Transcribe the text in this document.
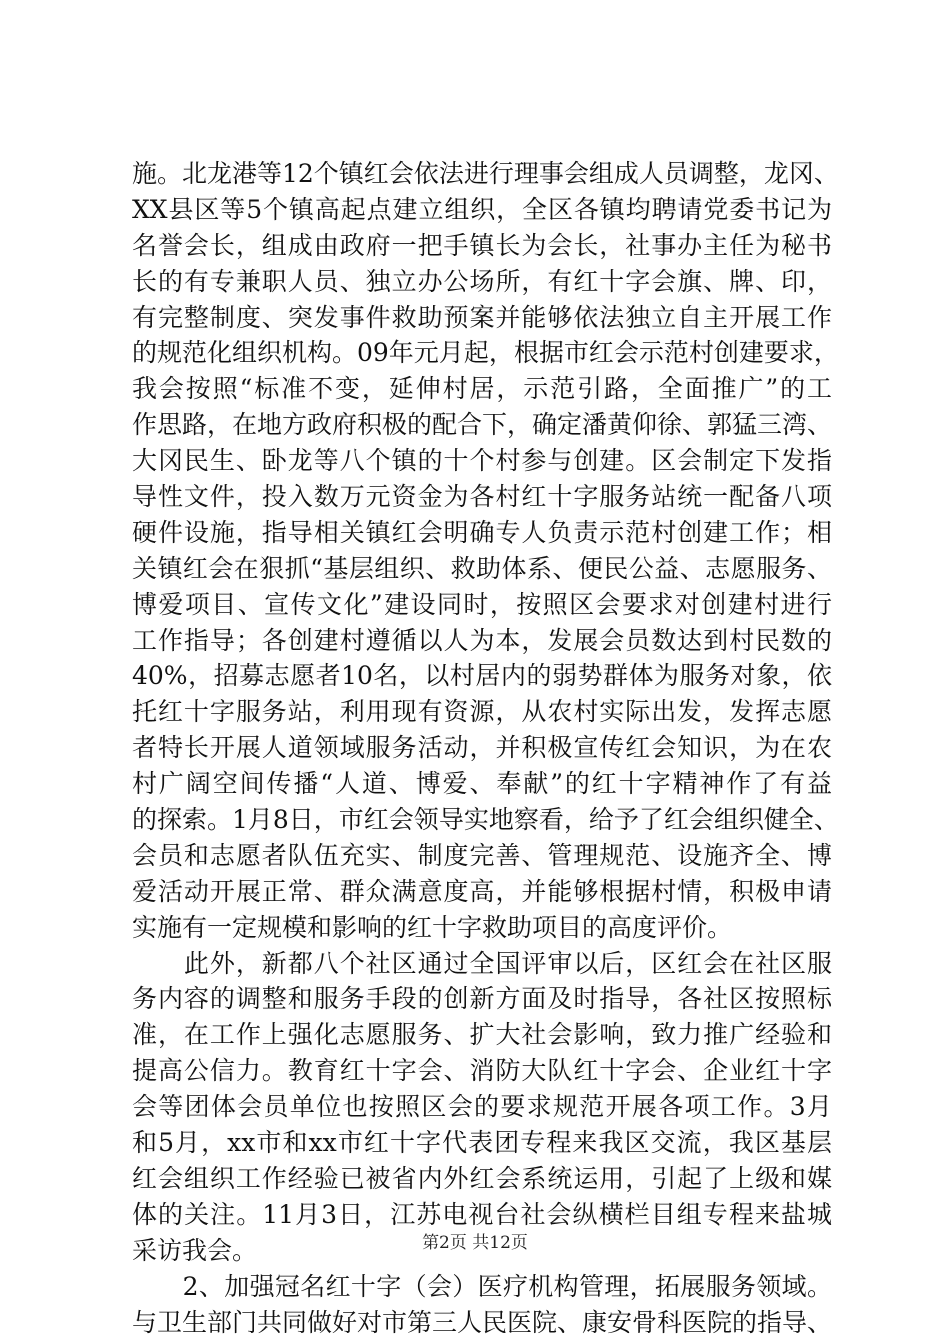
施。北龙港等12个镇红会依法进行理事会组成人员调整，龙冈、
XX县区等5个镇高起点建立组织，全区各镇均聘请党委书记为
名誉会长，组成由政府一把手镇长为会长，社事办主任为秘书
长的有专兼职人员、独立办公场所，有红十字会旗、牌、印，
有完整制度、突发事件救助预案并能够依法独立自主开展工作
的规范化组织机构。09年元月起，根据市红会示范村创建要求，
我会按照“标准不变，延伸村居，示范引路，全面推广”的工
作思路，在地方政府积极的配合下，确定潘黄仰徐、郭猛三湾、
大冈民生、卧龙等八个镇的十个村参与创建。区会制定下发指
导性文件，投入数万元资金为各村红十字服务站统一配备八项
硬件设施，指导相关镇红会明确专人负责示范村创建工作；相
关镇红会在狠抓“基层组织、救助体系、便民公益、志愿服务、
博爱项目、宣传文化”建设同时，按照区会要求对创建村进行
工作指导；各创建村遵循以人为本，发展会员数达到村民数的
40%，招募志愿者10名，以村居内的弱势群体为服务对象，依
托红十字服务站，利用现有资源，从农村实际出发，发挥志愿
者特长开展人道领域服务活动，并积极宣传红会知识，为在农
村广阔空间传播“人道、博爱、奉献”的红十字精神作了有益
的探索。1月8日，市红会领导实地察看，给予了红会组织健全、
会员和志愿者队伍充实、制度完善、管理规范、设施齐全、博
爱活动开展正常、群众满意度高，并能够根据村情，积极申请
实施有一定规模和影响的红十字救助项目的高度评价。
　　此外，新都八个社区通过全国评审以后，区红会在社区服
务内容的调整和服务手段的创新方面及时指导，各社区按照标
准，在工作上强化志愿服务、扩大社会影响，致力推广经验和
提高公信力。教育红十字会、消防大队红十字会、企业红十字
会等团体会员单位也按照区会的要求规范开展各项工作。3月
和5月，xx市和xx市红十字代表团专程来我区交流，我区基层
红会组织工作经验已被省内外红会系统运用，引起了上级和媒
体的关注。11月3日，江苏电视台社会纵横栏目组专程来盐城
采访我会。
　　2、加强冠名红十字（会）医疗机构管理，拓展服务领域。
与卫生部门共同做好对市第三人民医院、康安骨科医院的指导、
第2页 共12页
